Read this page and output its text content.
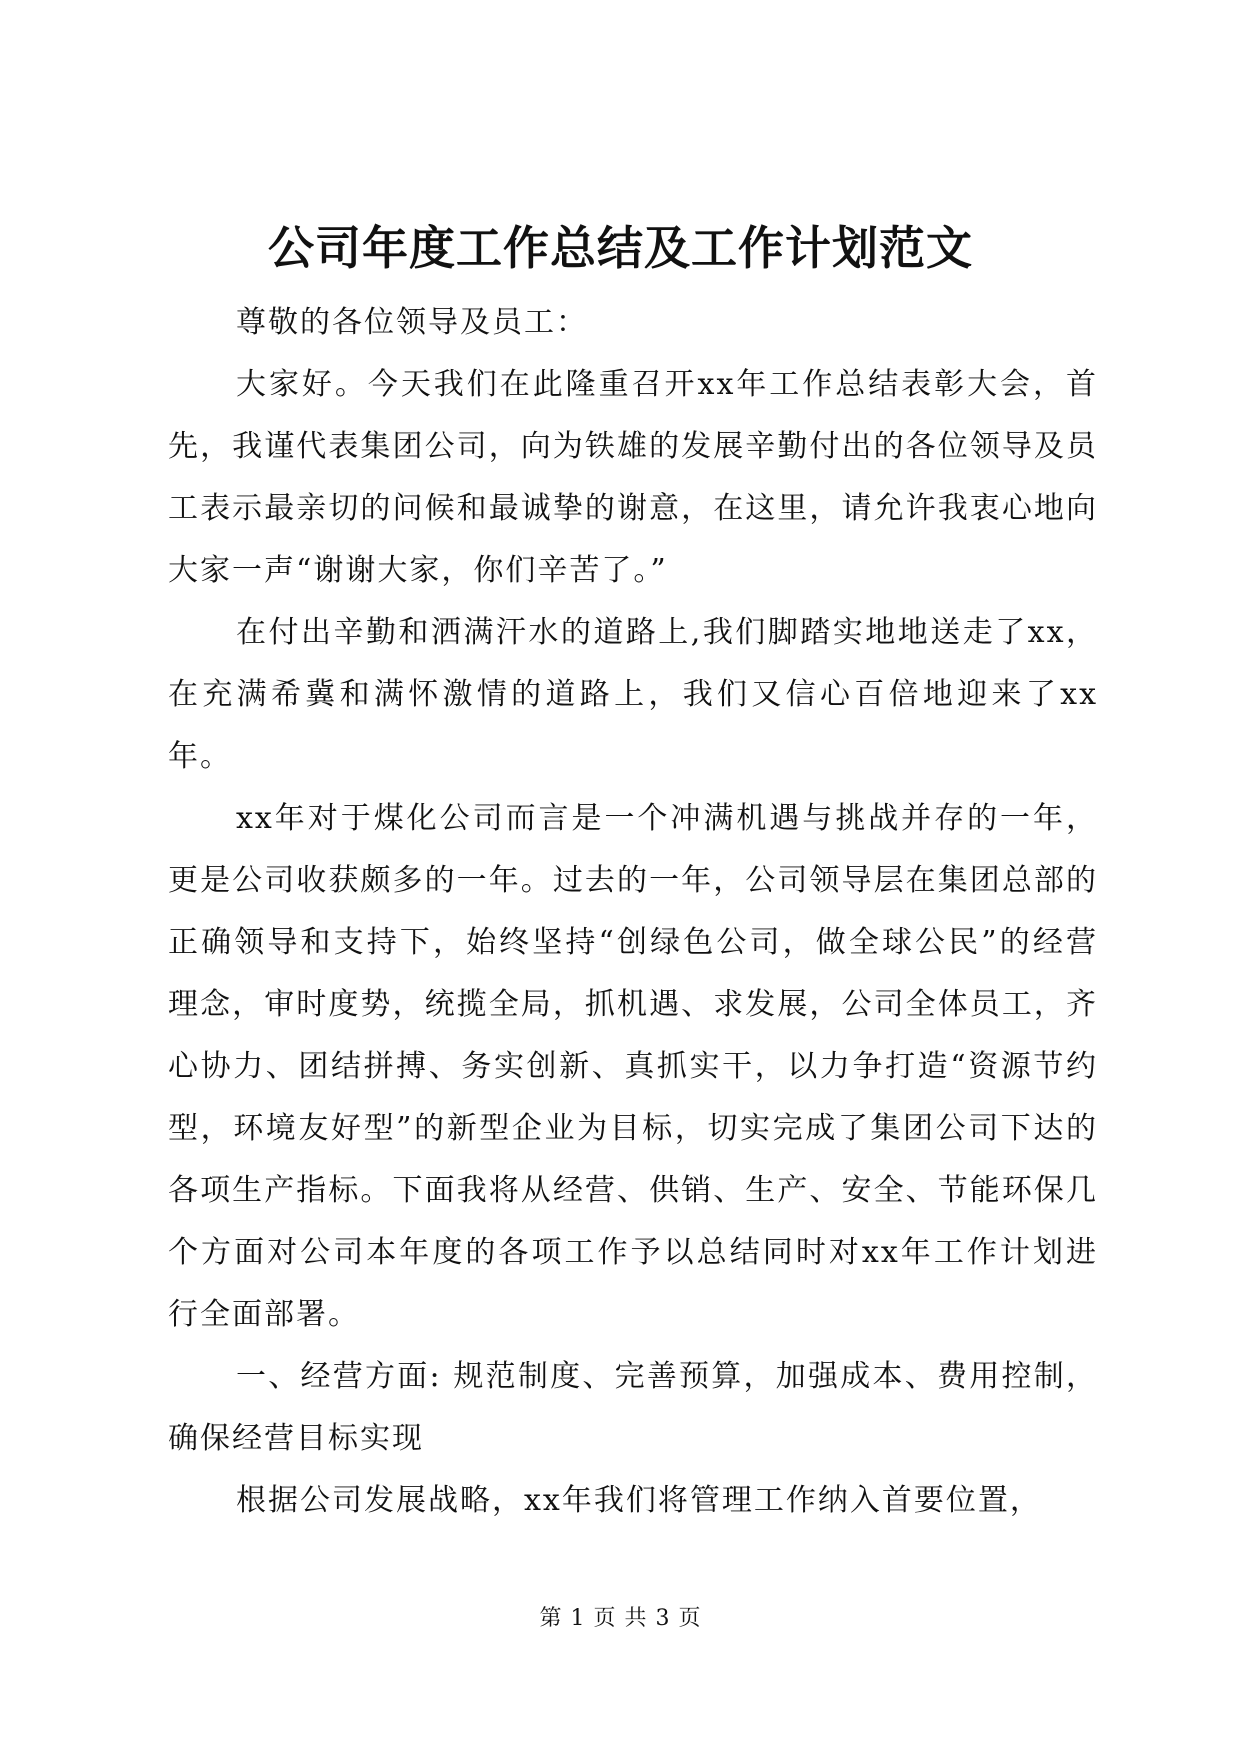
公司年度工作总结及工作计划范文

尊敬的各位领导及员工：

大家好。今天我们在此隆重召开xx年工作总结表彰大会，首先，我谨代表集团公司，向为铁雄的发展辛勤付出的各位领导及员工表示最亲切的问候和最诚挚的谢意，在这里，请允许我衷心地向大家一声“谢谢大家，你们辛苦了。”

在付出辛勤和洒满汗水的道路上,我们脚踏实地地送走了xx，在充满希冀和满怀激情的道路上，我们又信心百倍地迎来了xx年。

xx年对于煤化公司而言是一个冲满机遇与挑战并存的一年，更是公司收获颇多的一年。过去的一年，公司领导层在集团总部的正确领导和支持下，始终坚持“创绿色公司，做全球公民”的经营理念，审时度势，统揽全局，抓机遇、求发展，公司全体员工，齐心协力、团结拼搏、务实创新、真抓实干，以力争打造“资源节约型，环境友好型”的新型企业为目标，切实完成了集团公司下达的各项生产指标。下面我将从经营、供销、生产、安全、节能环保几个方面对公司本年度的各项工作予以总结同时对xx年工作计划进行全面部署。

一、经营方面: 规范制度、完善预算，加强成本、费用控制，确保经营目标实现

根据公司发展战略，xx年我们将管理工作纳入首要位置，

第 1 页 共 3 页
